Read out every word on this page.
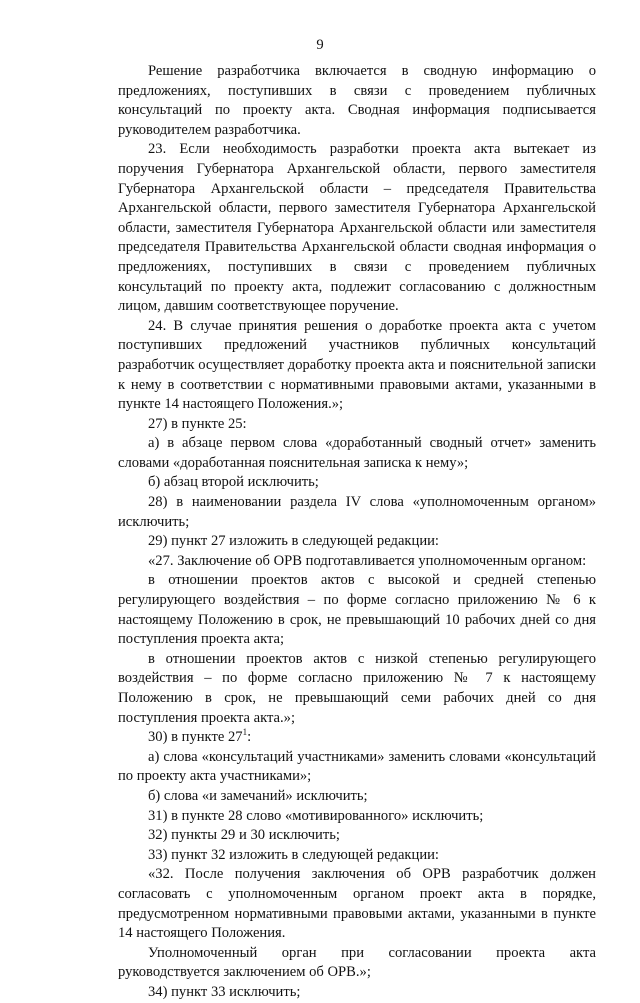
9

Решение разработчика включается в сводную информацию о предложениях, поступивших в связи с проведением публичных консультаций по проекту акта. Сводная информация подписывается руководителем разработчика.

23. Если необходимость разработки проекта акта вытекает из поручения Губернатора Архангельской области, первого заместителя Губернатора Архангельской области – председателя Правительства Архангельской области, первого заместителя Губернатора Архангельской области, заместителя Губернатора Архангельской области или заместителя председателя Правительства Архангельской области сводная информация о предложениях, поступивших в связи с проведением публичных консультаций по проекту акта, подлежит согласованию с должностным лицом, давшим соответствующее поручение.

24. В случае принятия решения о доработке проекта акта с учетом поступивших предложений участников публичных консультаций разработчик осуществляет доработку проекта акта и пояснительной записки к нему в соответствии с нормативными правовыми актами, указанными в пункте 14 настоящего Положения.»;

27) в пункте 25:

а) в абзаце первом слова «доработанный сводный отчет» заменить словами «доработанная пояснительная записка к нему»;

б) абзац второй исключить;

28) в наименовании раздела IV слова «уполномоченным органом» исключить;

29) пункт 27 изложить в следующей редакции:

«27. Заключение об ОРВ подготавливается уполномоченным органом:

в отношении проектов актов с высокой и средней степенью регулирующего воздействия – по форме согласно приложению № 6 к настоящему Положению в срок, не превышающий 10 рабочих дней со дня поступления проекта акта;

в отношении проектов актов с низкой степенью регулирующего воздействия – по форме согласно приложению № 7 к настоящему Положению в срок, не превышающий семи рабочих дней со дня поступления проекта акта.»;

30) в пункте $27^1$:

а) слова «консультаций участниками» заменить словами «консультаций по проекту акта участниками»;

б) слова «и замечаний» исключить;

31) в пункте 28 слово «мотивированного» исключить;

32) пункты 29 и 30 исключить;

33) пункт 32 изложить в следующей редакции:

«32. После получения заключения об ОРВ разработчик должен согласовать с уполномоченным органом проект акта в порядке, предусмотренном нормативными правовыми актами, указанными в пункте 14 настоящего Положения.

Уполномоченный орган при согласовании проекта акта руководствуется заключением об ОРВ.»;

34) пункт 33 исключить;
